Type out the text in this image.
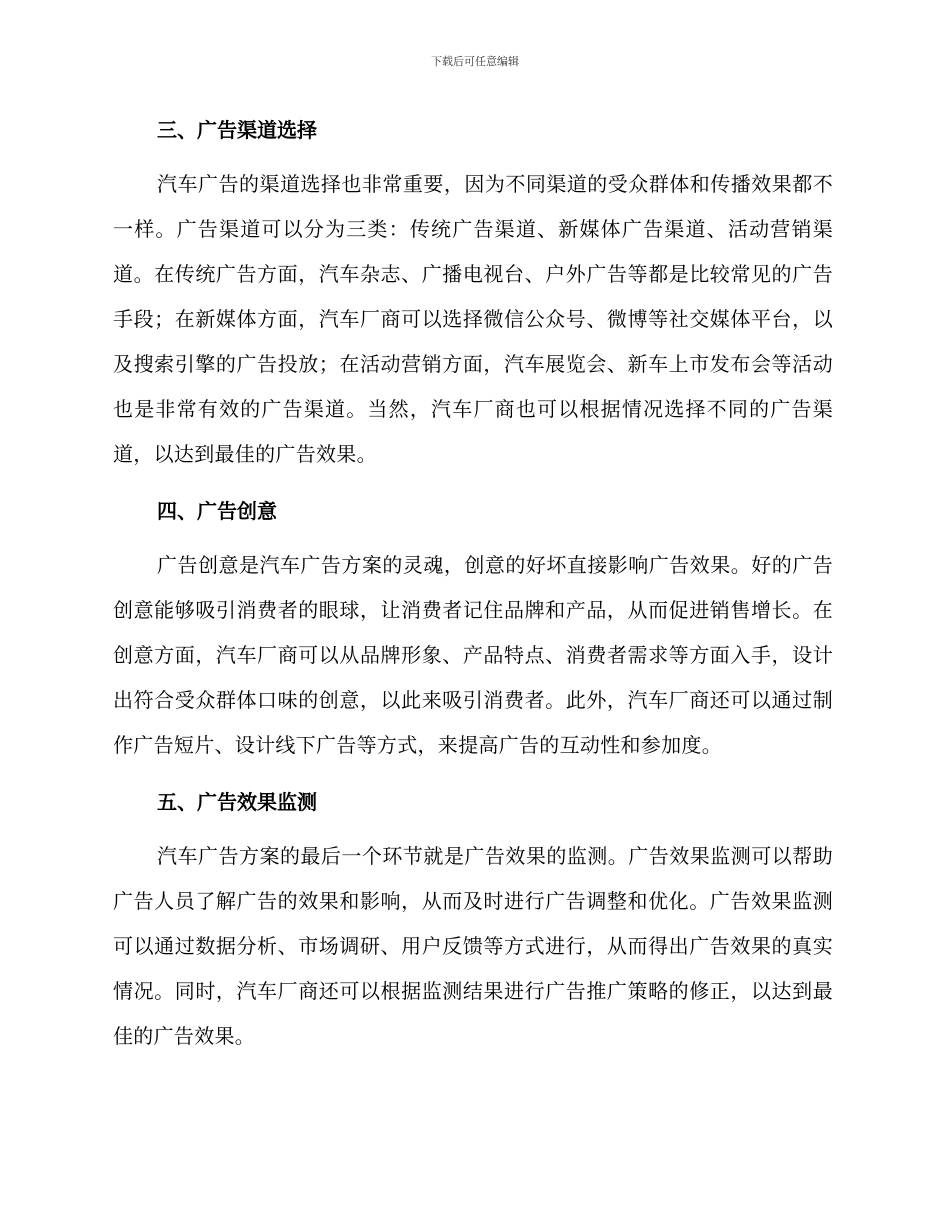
下载后可任意编辑
三、广告渠道选择

汽车广告的渠道选择也非常重要，因为不同渠道的受众群体和传播效果都不一样。广告渠道可以分为三类：传统广告渠道、新媒体广告渠道、活动营销渠道。在传统广告方面，汽车杂志、广播电视台、户外广告等都是比较常见的广告手段；在新媒体方面，汽车厂商可以选择微信公众号、微博等社交媒体平台，以及搜索引擎的广告投放；在活动营销方面，汽车展览会、新车上市发布会等活动也是非常有效的广告渠道。当然，汽车厂商也可以根据情况选择不同的广告渠道，以达到最佳的广告效果。

四、广告创意

广告创意是汽车广告方案的灵魂，创意的好坏直接影响广告效果。好的广告创意能够吸引消费者的眼球，让消费者记住品牌和产品，从而促进销售增长。在创意方面，汽车厂商可以从品牌形象、产品特点、消费者需求等方面入手，设计出符合受众群体口味的创意，以此来吸引消费者。此外，汽车厂商还可以通过制作广告短片、设计线下广告等方式，来提高广告的互动性和参加度。

五、广告效果监测

汽车广告方案的最后一个环节就是广告效果的监测。广告效果监测可以帮助广告人员了解广告的效果和影响，从而及时进行广告调整和优化。广告效果监测可以通过数据分析、市场调研、用户反馈等方式进行，从而得出广告效果的真实情况。同时，汽车厂商还可以根据监测结果进行广告推广策略的修正，以达到最佳的广告效果。
